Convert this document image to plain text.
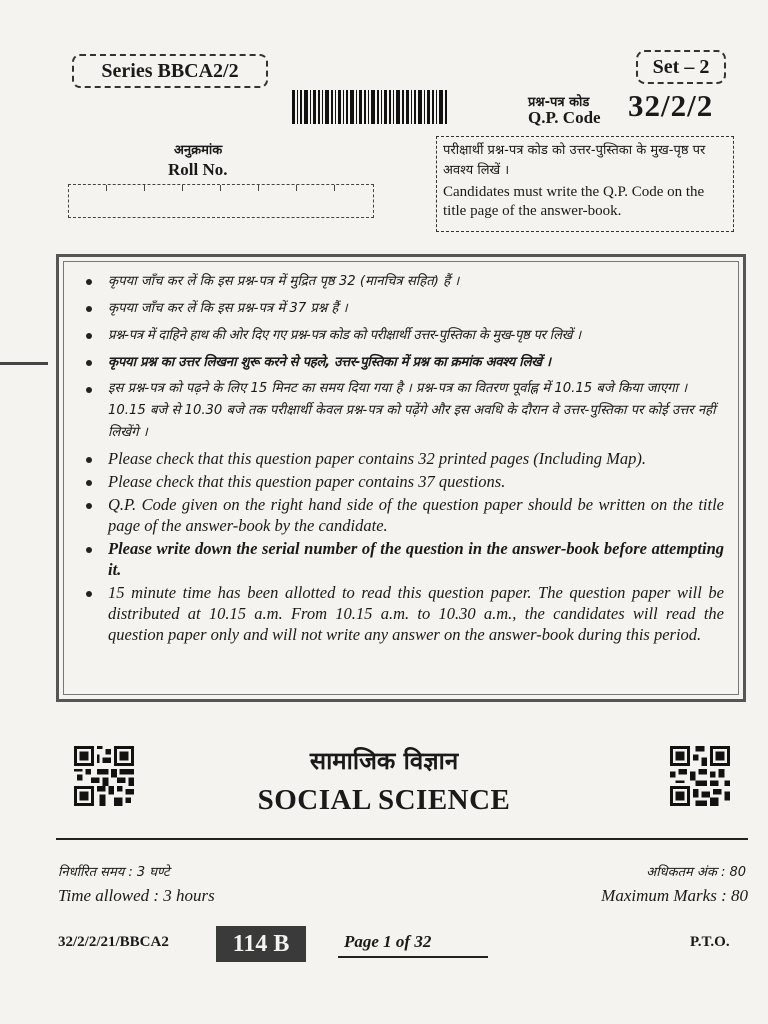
Series BBCA2/2	Set – 2
प्रश्न-पत्र कोड
Q.P. Code 32/2/2
अनुक्रमांक
Roll No.
परीक्षार्थी प्रश्न-पत्र कोड को उत्तर-पुस्तिका के मुख-पृष्ठ पर अवश्य लिखें ।
Candidates must write the Q.P. Code on the title page of the answer-book.
कृपया जाँच कर लें कि इस प्रश्न-पत्र में मुद्रित पृष्ठ 32 (मानचित्र सहित) हैं ।
कृपया जाँच कर लें कि इस प्रश्न-पत्र में 37 प्रश्न हैं ।
प्रश्न-पत्र में दाहिने हाथ की ओर दिए गए प्रश्न-पत्र कोड को परीक्षार्थी उत्तर-पुस्तिका के मुख-पृष्ठ पर लिखें ।
कृपया प्रश्न का उत्तर लिखना शुरू करने से पहले, उत्तर-पुस्तिका में प्रश्न का क्रमांक अवश्य लिखें ।
इस प्रश्न-पत्र को पढ़ने के लिए 15 मिनट का समय दिया गया है । प्रश्न-पत्र का वितरण पूर्वाह्न में 10.15 बजे किया जाएगा । 10.15 बजे से 10.30 बजे तक परीक्षार्थी केवल प्रश्न-पत्र को पढ़ेंगे और इस अवधि के दौरान वे उत्तर-पुस्तिका पर कोई उत्तर नहीं लिखेंगे ।
Please check that this question paper contains 32 printed pages (Including Map).
Please check that this question paper contains 37 questions.
Q.P. Code given on the right hand side of the question paper should be written on the title page of the answer-book by the candidate.
Please write down the serial number of the question in the answer-book before attempting it.
15 minute time has been allotted to read this question paper. The question paper will be distributed at 10.15 a.m. From 10.15 a.m. to 10.30 a.m., the candidates will read the question paper only and will not write any answer on the answer-book during this period.
सामाजिक विज्ञान
SOCIAL SCIENCE
निर्धारित समय : 3 घण्टे
Time allowed : 3 hours
अधिकतम अंक : 80
Maximum Marks : 80
32/2/2/21/BBCA2	114 B	Page 1 of 32	P.T.O.
